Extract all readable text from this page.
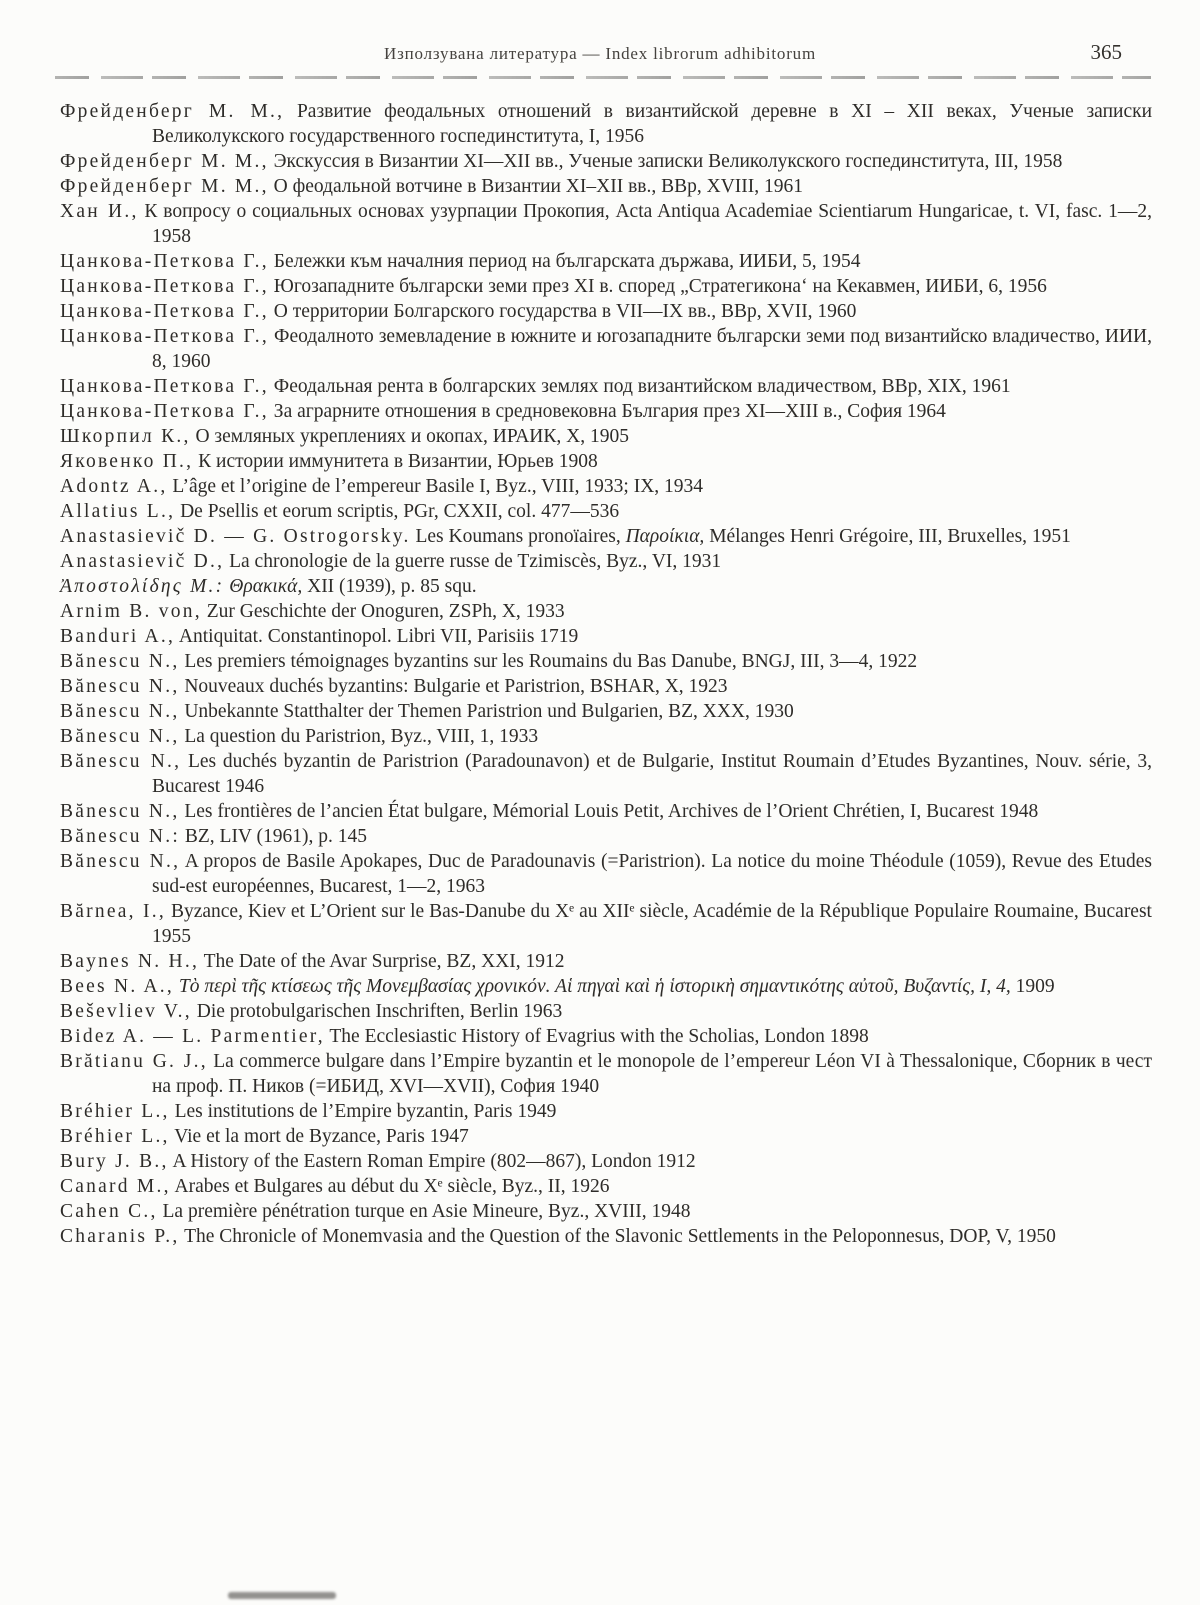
Използувана литература — Index librorum adhibitorum	365
Фрейденберг М. М., Развитие феодальных отношений в византийской деревне в XI – XII веках, Ученые записки Великолукского государственного госпединститута, I, 1956
Фрейденберг М. М., Экскуссия в Византии XI—XII вв., Ученые записки Великолукского госпединститута, III, 1958
Фрейденберг М. М., О феодальной вотчине в Византии XI–XII вв., ВВр, XVIII, 1961
Хан И., К вопросу о социальных основах узурпации Прокопия, Acta Antiqua Academiae Scientiarum Hungaricae, t. VI, fasc. 1—2, 1958
Цанкова-Петкова Г., Бележки към началния период на българската държава, ИИБИ, 5, 1954
Цанкова-Петкова Г., Югозападните български земи през XI в. според „Стратегикона‘ на Кекавмен, ИИБИ, 6, 1956
Цанкова-Петкова Г., О территории Болгарского государства в VII—IX вв., ВВр, XVII, 1960
Цанкова-Петкова Г., Феодалното земевладение в южните и югозападните български земи под византийско владичество, ИИИ, 8, 1960
Цанкова-Петкова Г., Феодальная рента в болгарских землях под византийском владичеством, ВВр, XIX, 1961
Цанкова-Петкова Г., За аграрните отношения в средновековна България през XI—XIII в., София 1964
Шкорпил К., О земляных укреплениях и окопах, ИРАИК, X, 1905
Яковенко П., К истории иммунитета в Византии, Юрьев 1908
Adontz A., L’âge et l’origine de l’empereur Basile I, Byz., VIII, 1933; IX, 1934
Allatius L., De Psellis et eorum scriptis, PGr, CXXII, col. 477—536
Anastasievič D. — G. Ostrogorsky. Les Koumans pronoïaires, Παροίκια, Mélanges Henri Grégoire, III, Bruxelles, 1951
Anastasievič D., La chronologie de la guerre russe de Tzimiscès, Byz., VI, 1931
Ἀποστολίδης Μ.: Θρακικά, XII (1939), p. 85 squ.
Arnim B. von, Zur Geschichte der Onoguren, ZSPh, X, 1933
Banduri A., Antiquitat. Constantinopol. Libri VII, Parisiis 1719
Bănescu N., Les premiers témoignages byzantins sur les Roumains du Bas Danube, BNGJ, III, 3—4, 1922
Bănescu N., Nouveaux duchés byzantins: Bulgarie et Paristrion, BSHAR, X, 1923
Bănescu N., Unbekannte Statthalter der Themen Paristrion und Bulgarien, BZ, XXX, 1930
Bănescu N., La question du Paristrion, Byz., VIII, 1, 1933
Bănescu N., Les duchés byzantin de Paristrion (Paradounavon) et de Bulgarie, Institut Roumain d’Etudes Byzantines, Nouv. série, 3, Bucarest 1946
Bănescu N., Les frontières de l’ancien État bulgare, Mémorial Louis Petit, Archives de l’Orient Chrétien, I, Bucarest 1948
Bănescu N.: BZ, LIV (1961), p. 145
Bănescu N., A propos de Basile Apokapes, Duc de Paradounavis (=Paristrion). La notice du moine Théodule (1059), Revue des Etudes sud-est européennes, Bucarest, 1—2, 1963
Bărnea, I., Byzance, Kiev et L’Orient sur le Bas-Danube du Xᵉ au XIIᵉ siècle, Académie de la République Populaire Roumaine, Bucarest 1955
Baynes N. H., The Date of the Avar Surprise, BZ, XXI, 1912
Bees N. A., Τὸ περὶ τῆς κτίσεως τῆς Μονεμβασίας χρονικόν. Αἱ πηγαὶ καὶ ἡ ἱστορικὴ σημαντικότης αὐτοῦ, Βυζαντίς, I, 4, 1909
Beševliev V., Die protobulgarischen Inschriften, Berlin 1963
Bidez A. — L. Parmentier, The Ecclesiastic History of Evagrius with the Scholias, London 1898
Brătianu G. J., La commerce bulgare dans l’Empire byzantin et le monopole de l’empereur Léon VI à Thessalonique, Сборник в чест на проф. П. Ников (=ИБИД, XVI—XVII), София 1940
Bréhier L., Les institutions de l’Empire byzantin, Paris 1949
Bréhier L., Vie et la mort de Byzance, Paris 1947
Bury J. B., A History of the Eastern Roman Empire (802—867), London 1912
Canard M., Arabes et Bulgares au début du Xᵉ siècle, Byz., II, 1926
Cahen C., La première pénétration turque en Asie Mineure, Byz., XVIII, 1948
Charanis P., The Chronicle of Monemvasia and the Question of the Slavonic Settlements in the Peloponnesus, DOP, V, 1950
